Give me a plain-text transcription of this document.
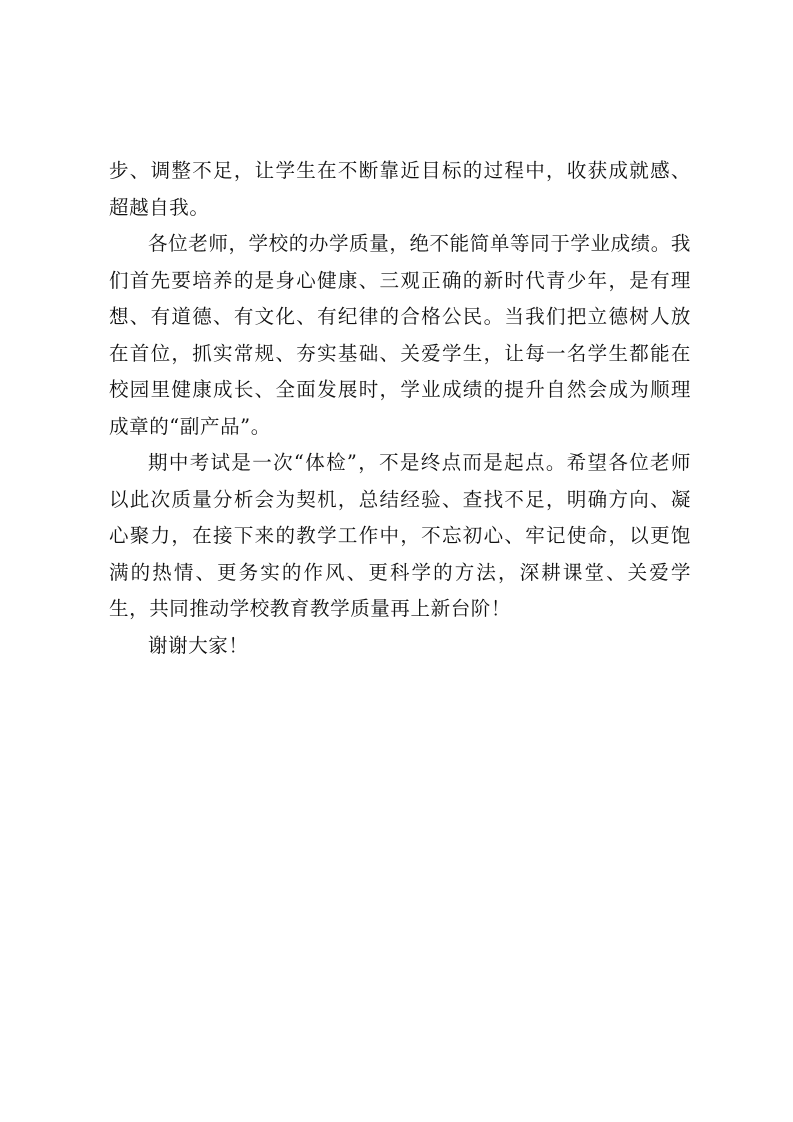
步、调整不足，让学生在不断靠近目标的过程中，收获成就感、超越自我。

各位老师，学校的办学质量，绝不能简单等同于学业成绩。我们首先要培养的是身心健康、三观正确的新时代青少年，是有理想、有道德、有文化、有纪律的合格公民。当我们把立德树人放在首位，抓实常规、夯实基础、关爱学生，让每一名学生都能在校园里健康成长、全面发展时，学业成绩的提升自然会成为顺理成章的“副产品”。

期中考试是一次“体检”，不是终点而是起点。希望各位老师以此次质量分析会为契机，总结经验、查找不足，明确方向、凝心聚力，在接下来的教学工作中，不忘初心、牢记使命，以更饱满的热情、更务实的作风、更科学的方法，深耕课堂、关爱学生，共同推动学校教育教学质量再上新台阶！

谢谢大家！
